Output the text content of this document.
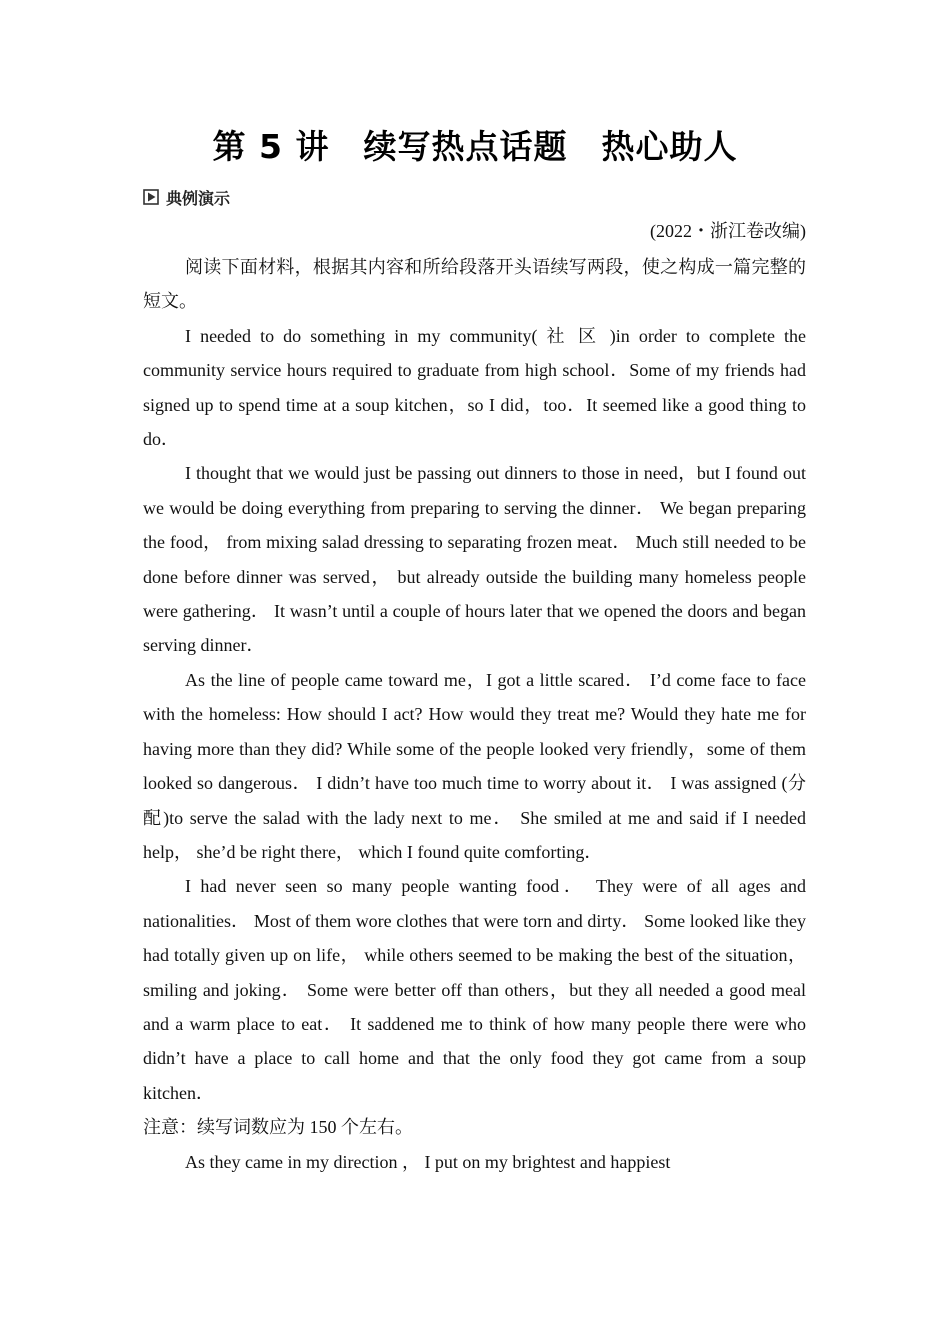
第 5 讲　续写热点话题　热心助人
典例演示
(2022・浙江卷改编)

阅读下面材料，根据其内容和所给段落开头语续写两段，使之构成一篇完整的短文。

I needed to do something in my community( 社 区 )in order to complete the community service hours required to graduate from high school．Some of my friends had signed up to spend time at a soup kitchen，so I did，too．It seemed like a good thing to do．

I thought that we would just be passing out dinners to those in need，but I found out we would be doing everything from preparing to serving the dinner． We began preparing the food， from mixing salad dressing to separating frozen meat． Much still needed to be done before dinner was served， but already outside the building many homeless people were gathering． It wasn’t until a couple of hours later that we opened the doors and began serving dinner．

As the line of people came toward me，I got a little scared． I’d come face to face with the homeless: How should I act? How would they treat me? Would they hate me for having more than they did? While some of the people looked very friendly，some of them looked so dangerous． I didn’t have too much time to worry about it． I was assigned (分配)to serve the salad with the lady next to me． She smiled at me and said if I needed help， she’d be right there， which I found quite comforting．

I had never seen so many people wanting food． They were of all ages and nationalities． Most of them wore clothes that were torn and dirty． Some looked like they had totally given up on life， while others seemed to be making the best of the situation，smiling and joking． Some were better off than others，but they all needed a good meal and a warm place to eat． It saddened me to think of how many people there were who didn’t have a place to call home and that the only food they got came from a soup kitchen．

注意：续写词数应为 150 个左右。

As they came in my direction ， I put on my brightest and happiest
